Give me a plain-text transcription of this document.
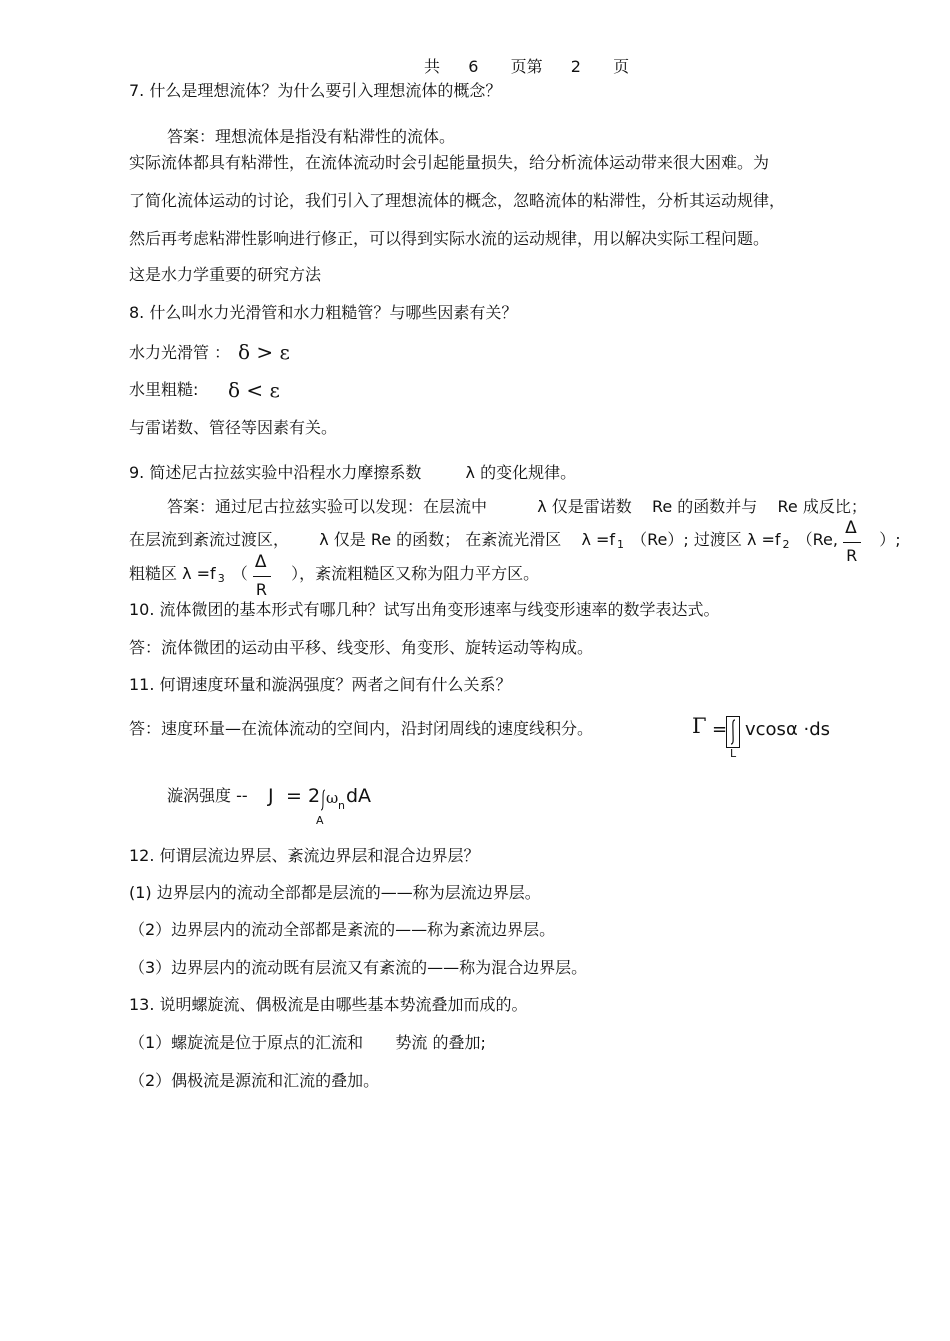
共 6 页第 2 页
7. 什么是理想流体？为什么要引入理想流体的概念？
答案：理想流体是指没有粘滞性的流体。
实际流体都具有粘滞性，在流体流动时会引起能量损失，给分析流体运动带来很大困难。为
了简化流体运动的讨论，我们引入了理想流体的概念，忽略流体的粘滞性，分析其运动规律，
然后再考虑粘滞性影响进行修正，可以得到实际水流的运动规律，用以解决实际工程问题。
这是水力学重要的研究方法
8. 什么叫水力光滑管和水力粗糙管？与哪些因素有关？
水力光滑管 ： δ > ε
水里粗糙: δ < ε
与雷诺数、管径等因素有关。
9. 简述尼古拉兹实验中沿程水力摩擦系数	λ 的变化规律。
答案：通过尼古拉兹实验可以发现：在层流中	λ 仅是雷诺数 Re 的函数并与 Re 成反比；
在层流到紊流过渡区， λ 仅是 Re 的函数； 在紊流光滑区 λ =f $_1$ （Re）; 过渡区 λ =f $_2$ （Re, $\frac{\Delta}{R}$ ）;
粗糙区 λ =f $_3$ （ $\frac{\Delta}{R}$ ），紊流粗糙区又称为阻力平方区。
10. 流体微团的基本形式有哪几种？试写出角变形速率与线变形速率的数学表达式。
答：流体微团的运动由平移、线变形、角变形、旋转运动等构成。
11. 何谓速度环量和漩涡强度？两者之间有什么关系？
答：速度环量—在流体流动的空间内，沿封闭周线的速度线积分。	Γ = vcosα ·ds
L
漩涡强度 -- J = 2 ω n dA
A
12. 何谓层流边界层、紊流边界层和混合边界层？
(1) 边界层内的流动全部都是层流的——称为层流边界层。
（2）边界层内的流动全部都是紊流的——称为紊流边界层。
（3）边界层内的流动既有层流又有紊流的——称为混合边界层。
13. 说明螺旋流、偶极流是由哪些基本势流叠加而成的。
（1）螺旋流是位于原点的汇流和 势流 的叠加;
（2）偶极流是源流和汇流的叠加。
